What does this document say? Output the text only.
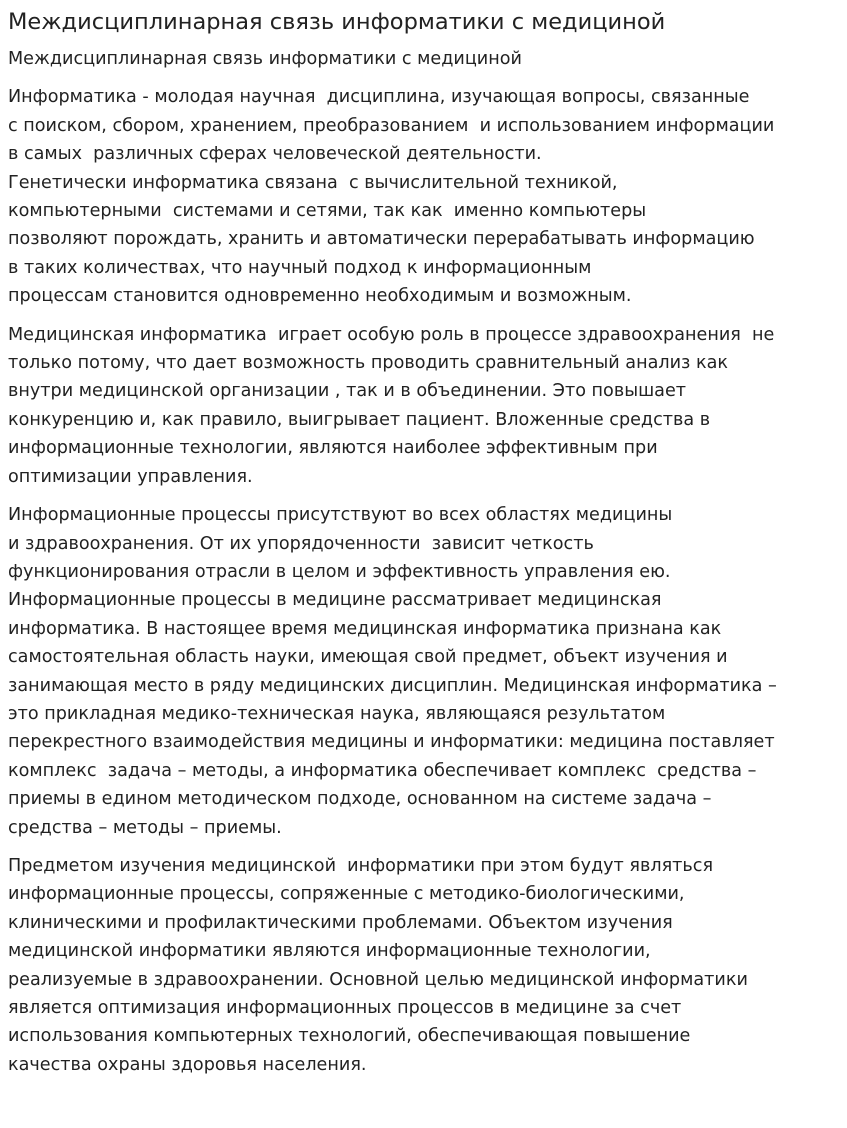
Междисциплинарная связь информатики с медициной
Междисциплинарная связь информатики с медициной
Информатика - молодая научная  дисциплина, изучающая вопросы, связанные
с поиском, сбором, хранением, преобразованием  и использованием информации
в самых  различных сферах человеческой деятельности.
Генетически информатика связана  с вычислительной техникой,
компьютерными  системами и сетями, так как  именно компьютеры
позволяют порождать, хранить и автоматически перерабатывать информацию
в таких количествах, что научный подход к информационным
процессам становится одновременно необходимым и возможным.
Медицинская информатика  играет особую роль в процессе здравоохранения  не
только потому, что дает возможность проводить сравнительный анализ как
внутри медицинской организации , так и в объединении. Это повышает
конкуренцию и, как правило, выигрывает пациент. Вложенные средства в
информационные технологии, являются наиболее эффективным при
оптимизации управления.
Информационные процессы присутствуют во всех областях медицины
и здравоохранения. От их упорядоченности  зависит четкость
функционирования отрасли в целом и эффективность управления ею.
Информационные процессы в медицине рассматривает медицинская
информатика. В настоящее время медицинская информатика признана как
самостоятельная область науки, имеющая свой предмет, объект изучения и
занимающая место в ряду медицинских дисциплин. Медицинская информатика –
это прикладная медико-техническая наука, являющаяся результатом
перекрестного взаимодействия медицины и информатики: медицина поставляет
комплекс  задача – методы, а информатика обеспечивает комплекс  средства –
приемы в едином методическом подходе, основанном на системе задача –
средства – методы – приемы.
Предметом изучения медицинской  информатики при этом будут являться
информационные процессы, сопряженные с методико-биологическими,
клиническими и профилактическими проблемами. Объектом изучения
медицинской информатики являются информационные технологии,
реализуемые в здравоохранении. Основной целью медицинской информатики
является оптимизация информационных процессов в медицине за счет
использования компьютерных технологий, обеспечивающая повышение
качества охраны здоровья населения.
